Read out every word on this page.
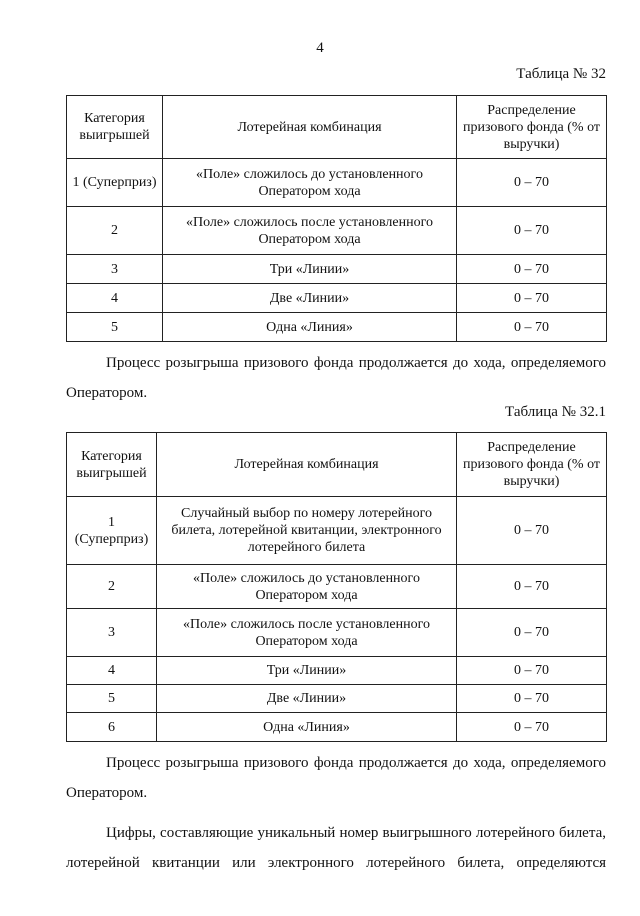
4
Таблица № 32
Категория выигрышей	Лотерейная комбинация	Распределение призового фонда (% от выручки)
1 (Суперприз)	«Поле» сложилось до установленного Оператором хода	0 – 70
2	«Поле» сложилось после установленного Оператором хода	0 – 70
3	Три «Линии»	0 – 70
4	Две «Линии»	0 – 70
5	Одна «Линия»	0 – 70
Процесс розыгрыша призового фонда продолжается до хода, определяемого
Оператором.
Таблица № 32.1
Категория выигрышей	Лотерейная комбинация	Распределение призового фонда (% от выручки)
1 (Суперприз)	Случайный выбор по номеру лотерейного билета, лотерейной квитанции, электронного лотерейного билета	0 – 70
2	«Поле» сложилось до установленного Оператором хода	0 – 70
3	«Поле» сложилось после установленного Оператором хода	0 – 70
4	Три «Линии»	0 – 70
5	Две «Линии»	0 – 70
6	Одна «Линия»	0 – 70
Процесс розыгрыша призового фонда продолжается до хода, определяемого
Оператором.
Цифры, составляющие уникальный номер выигрышного лотерейного билета,
лотерейной квитанции или электронного лотерейного билета, определяются
